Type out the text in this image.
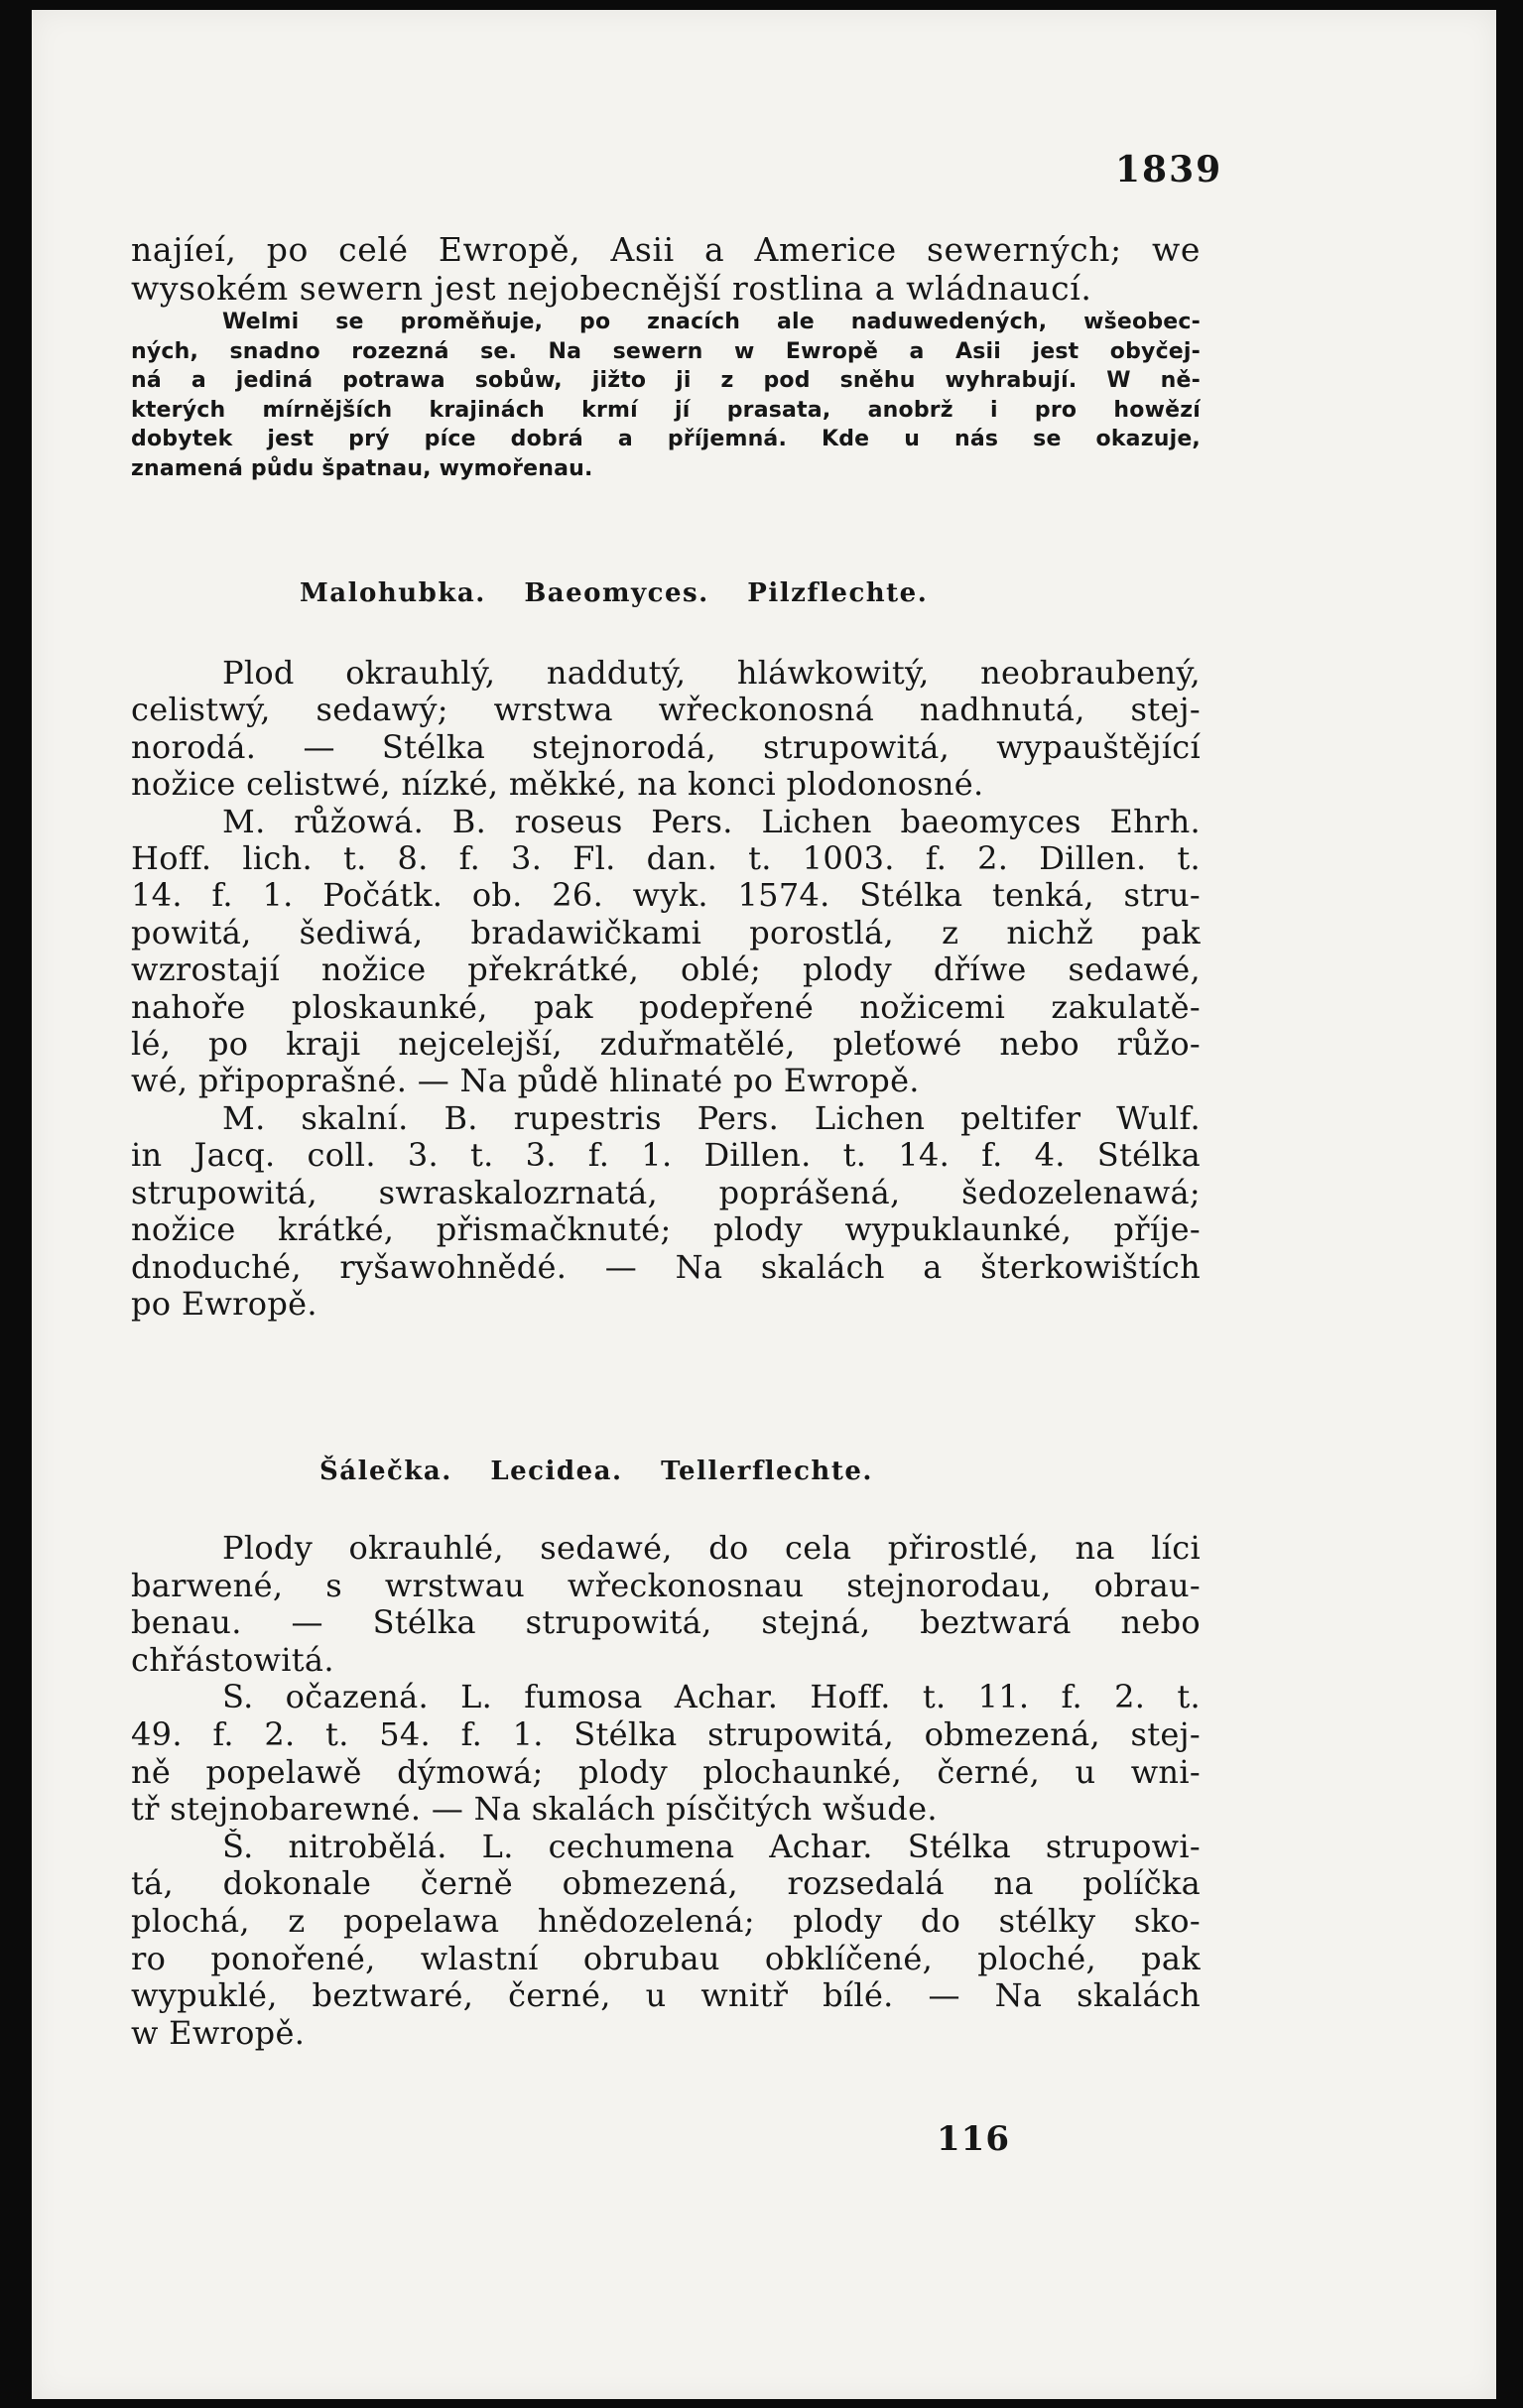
1839
najíeí, po celé Ewropě, Asii a Americe sewerných; we
wysokém sewern jest nejobecnější rostlina a wládnaucí.
Welmi se proměňuje, po znacích ale naduwedených, wšeobec-
ných, snadno rozezná se. Na sewern w Ewropě a Asii jest obyčej-
ná a jediná potrawa sobůw, jižto ji z pod sněhu wyhrabují. W ně-
kterých mírnějších krajinách krmí jí prasata, anobrž i pro howězí
dobytek jest prý píce dobrá a příjemná. Kde u nás se okazuje,
znamená půdu špatnau, wymořenau.
Malohubka. Baeomyces. Pilzflechte.
Plod okrauhlý, naddutý, hláwkowitý, neobraubený,
celistwý, sedawý; wrstwa wřeckonosná nadhnutá, stej-
norodá. — Stélka stejnorodá, strupowitá, wypauštějící
nožice celistwé, nízké, měkké, na konci plodonosné.
M. růžowá. B. roseus Pers. Lichen baeomyces Ehrh.
Hoff. lich. t. 8. f. 3. Fl. dan. t. 1003. f. 2. Dillen. t.
14. f. 1. Počátk. ob. 26. wyk. 1574. Stélka tenká, stru-
powitá, šediwá, bradawičkami porostlá, z nichž pak
wzrostají nožice překrátké, oblé; plody dříwe sedawé,
nahoře ploskaunké, pak podepřené nožicemi zakulatě-
lé, po kraji nejcelejší, zduřmatělé, pleťowé nebo růžo-
wé, připoprašné. — Na půdě hlinaté po Ewropě.
M. skalní. B. rupestris Pers. Lichen peltifer Wulf.
in Jacq. coll. 3. t. 3. f. 1. Dillen. t. 14. f. 4. Stélka
strupowitá, swraskalozrnatá, poprášená, šedozelenawá;
nožice krátké, přismačknuté; plody wypuklaunké, příje-
dnoduché, ryšawohnědé. — Na skalách a šterkowištích
po Ewropě.
Šálečka. Lecidea. Tellerflechte.
Plody okrauhlé, sedawé, do cela přirostlé, na líci
barwené, s wrstwau wřeckonosnau stejnorodau, obrau-
benau. — Stélka strupowitá, stejná, beztwará nebo
chřástowitá.
S. očazená. L. fumosa Achar. Hoff. t. 11. f. 2. t.
49. f. 2. t. 54. f. 1. Stélka strupowitá, obmezená, stej-
ně popelawě dýmowá; plody plochaunké, černé, u wni-
tř stejnobarewné. — Na skalách písčitých wšude.
Š. nitrobělá. L. cechumena Achar. Stélka strupowi-
tá, dokonale černě obmezená, rozsedalá na políčka
plochá, z popelawa hnědozelená; plody do stélky sko-
ro ponořené, wlastní obrubau obklíčené, ploché, pak
wypuklé, beztwaré, černé, u wnitř bílé. — Na skalách
w Ewropě.
116
